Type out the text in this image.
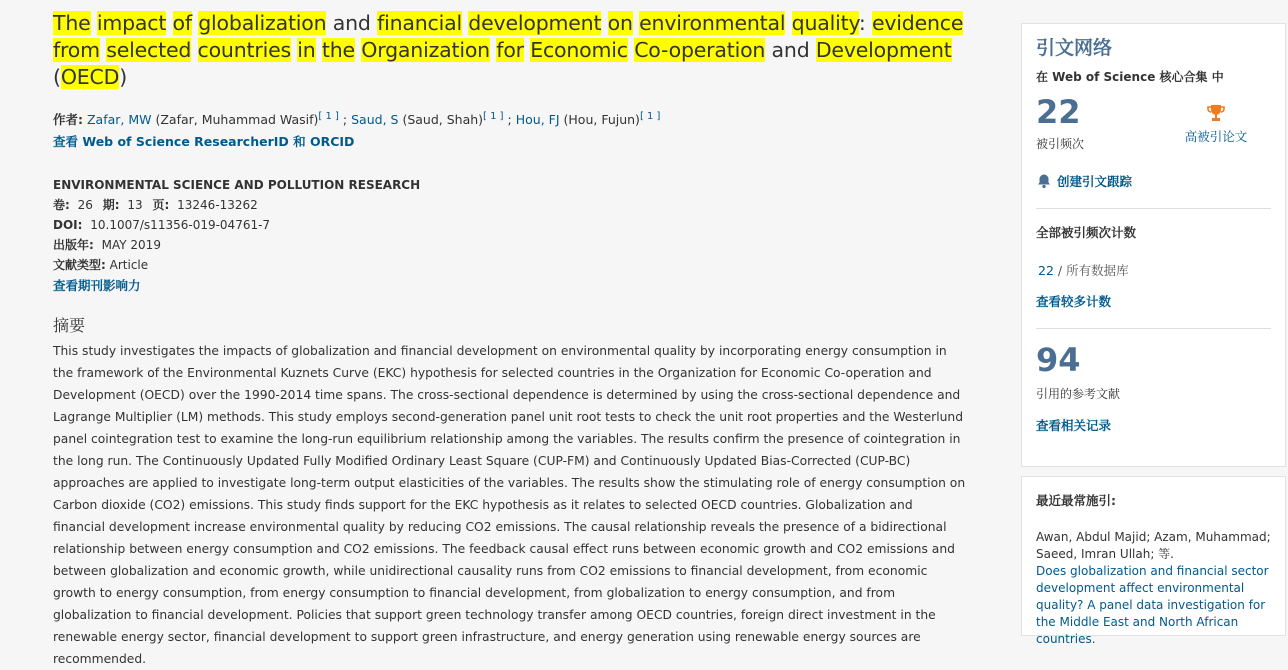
The impact of globalization and financial development on environmental quality: evidence from selected countries in the Organization for Economic Co-operation and Development (OECD)
作者: Zafar, MW (Zafar, Muhammad Wasif)[ 1 ] ; Saud, S (Saud, Shah)[ 1 ] ; Hou, FJ (Hou, Fujun)[ 1 ]
查看 Web of Science ResearcherID 和 ORCID
ENVIRONMENTAL SCIENCE AND POLLUTION RESEARCH
卷: 26 期: 13 页: 13246-13262
DOI: 10.1007/s11356-019-04761-7
出版年: MAY 2019
文献类型: Article
查看期刊影响力
摘要
This study investigates the impacts of globalization and financial development on environmental quality by incorporating energy consumption in the framework of the Environmental Kuznets Curve (EKC) hypothesis for selected countries in the Organization for Economic Co-operation and Development (OECD) over the 1990-2014 time spans. The cross-sectional dependence is determined by using the cross-sectional dependence and Lagrange Multiplier (LM) methods. This study employs second-generation panel unit root tests to check the unit root properties and the Westerlund panel cointegration test to examine the long-run equilibrium relationship among the variables. The results confirm the presence of cointegration in the long run. The Continuously Updated Fully Modified Ordinary Least Square (CUP-FM) and Continuously Updated Bias-Corrected (CUP-BC) approaches are applied to investigate long-term output elasticities of the variables. The results show the stimulating role of energy consumption on Carbon dioxide (CO2) emissions. This study finds support for the EKC hypothesis as it relates to selected OECD countries. Globalization and financial development increase environmental quality by reducing CO2 emissions. The causal relationship reveals the presence of a bidirectional relationship between energy consumption and CO2 emissions. The feedback causal effect runs between economic growth and CO2 emissions and between globalization and economic growth, while unidirectional causality runs from CO2 emissions to financial development, from economic growth to energy consumption, from energy consumption to financial development, from globalization to energy consumption, and from globalization to financial development. Policies that support green technology transfer among OECD countries, foreign direct investment in the renewable energy sector, financial development to support green infrastructure, and energy generation using renewable energy sources are recommended.
引文网络
在 Web of Science 核心合集 中
22
被引频次	高被引论文
创建引文跟踪
全部被引频次计数
22 / 所有数据库
查看较多计数
94
引用的参考文献
查看相关记录
最近最常施引:
Awan, Abdul Majid; Azam, Muhammad; Saeed, Imran Ullah; 等.
Does globalization and financial sector development affect environmental quality? A panel data investigation for the Middle East and North African countries.
